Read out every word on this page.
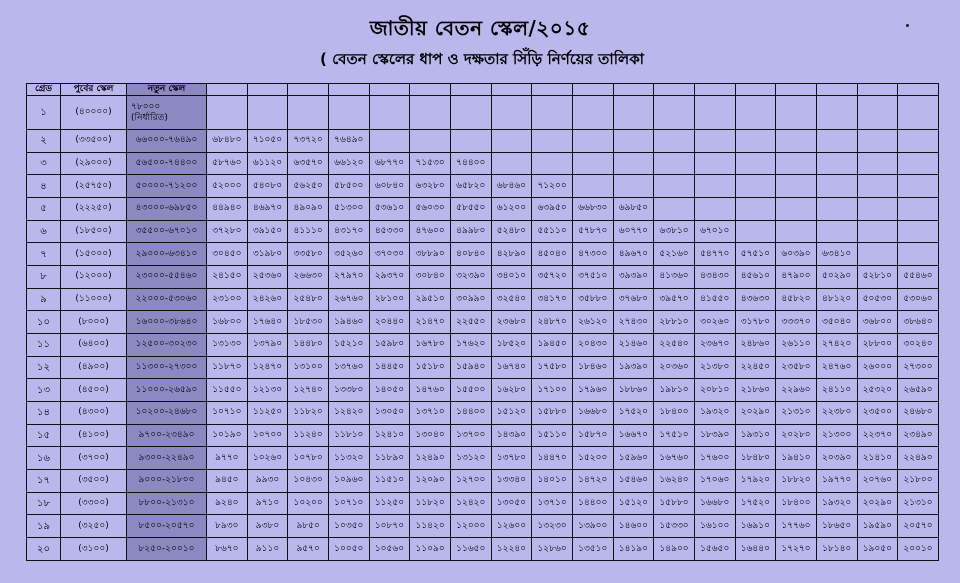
জাতীয় বেতন স্কেল/২০১৫
( বেতন স্কেলের ধাপ ও দক্ষতার সিঁড়ি নির্ণয়ের তালিকা
গ্রেড	পুর্বের স্কেল	নতুন স্কেল																		
১	(৪০০০০)	৭৮০০০
(নির্ধারিত)																		

২	(৩৩৫০০)	৬৬০০০-৭৬৪৯০	৬৮৪৮০	৭১০৫০	৭৩৭২০	৭৬৪৯০														
৩	(২৯০০০)	৫৬৫০০-৭৪৪০০	৫৮৭৬০	৬১১২০	৬৩৫৭০	৬৬১২০	৬৮৭৭০	৭১৫৩০	৭৪৪০০											
৪	(২৫৭৫০)	৫০০০০-৭১২০০	৫২০০০	৫৪০৮০	৫৬২৫০	৫৮৫০০	৬০৮৪০	৬৩২৮০	৬৫৮২০	৬৮৪৬০	৭১২০০									
৫	(২২২৫০)	৪৩০০০-৬৯৮৫০	৪৪৯৪০	৪৬৯৭০	৪৯০৯০	৫১৩০০	৫৩৬১০	৫৬০৩০	৫৮৫৫০	৬১২০০	৬৩৯৫০	৬৬৮৩০	৬৯৮৫০							
৬	(১৮৫০০)	৩৫৫০০-৬৭০১০	৩৭২৮০	৩৯১৫০	৪১১১০	৪৩১৭০	৪৫৩৩০	৪৭৬০০	৪৯৯৮০	৫২৪৮০	৫৫১১০	৫৭৮৭০	৬০৭৭০	৬৩৮১০	৬৭০১০					
৭	(১৫০০০)	২৯০০০-৬৩৪১০	৩০৪৫০	৩১৯৮০	৩৩৫৮০	৩৫২৬০	৩৭০৩০	৩৮৮৯০	৪০৮৪০	৪২৮৯০	৪৫০৪০	৪৭৩০০	৪৯৬৭০	৫২১৬০	৫৪৭৭০	৫৭৫১০	৬০৩৯০	৬৩৪১০		
৮	(১২০০০)	২৩০০০-৫৫৪৬০	২৪১৫০	২৫৩৬০	২৬৬৩০	২৭৯৭০	২৯৩৭০	৩০৮৪০	৩২৩৯০	৩৪০১০	৩৫৭২০	৩৭৫১০	৩৯৩৯০	৪১৩৬০	৪৩৪৩০	৪৫৬১০	৪৭৯০০	৫০২৯০	৫২৮১০	৫৫৪৬০
৯	(১১০০০)	২২০০০-৫৩০৬০	২৩১০০	২৪২৬০	২৫৪৮০	২৬৭৬০	২৮১০০	২৯৫১০	৩০৯৯০	৩২৫৪০	৩৪১৭০	৩৫৮৮০	৩৭৬৮০	৩৯৫৭০	৪১৫৫০	৪৩৬৩০	৪৫৮২০	৪৮১২০	৫০৫৩০	৫৩০৬০
১০	(৮০০০)	১৬০০০-৩৮৬৪০	১৬৮০০	১৭৬৪০	১৮৫৩০	১৯৪৬০	২০৪৪০	২১৪৭০	২২৫৫০	২৩৬৮০	২৪৮৭০	২৬১২০	২৭৪৩০	২৮৮১০	৩০২৬০	৩১৭৮০	৩৩৩৭০	৩৫০৪০	৩৬৮০০	৩৮৬৪০
১১	(৬৪০০)	১২৫০০-৩০২৩০	১৩১৩০	১৩৭৯০	১৪৪৮০	১৫২১০	১৫৯৮০	১৬৭৮০	১৭৬২০	১৮৫২০	১৯৪৫০	২০৪৩০	২১৪৬০	২২৫৪০	২৩৬৭০	২৪৮৬০	২৬১১০	২৭৪২০	২৮৮০০	৩০২৪০
১২	(৪৯০০)	১১৩০০-২৭৩০০	১১৮৭০	১২৪৭০	১৩১০০	১৩৭৬০	১৪৪৫০	১৫১৮০	১৫৯৪০	১৬৭৪০	১৭৫৮০	১৮৪৬০	১৯৩৯০	২০৩৬০	২১৩৮০	২২৪৫০	২৩৫৮০	২৪৭৬০	২৬০০০	২৭৩০০
১৩	(৪৫০০)	১১০০০-২৬৫৯০	১১৫৫০	১২১৩০	১২৭৪০	১৩৩৮০	১৪০৫০	১৪৭৬০	১৫৫০০	১৬২৮০	১৭১০০	১৭৯৬০	১৮৮৬০	১৯৮১০	২০৮১০	২১৮৬০	২২৯৬০	২৪১১০	২৫৩২০	২৬৫৯০
১৪	(৪৩০০)	১০২০০-২৪৬৮০	১০৭১০	১১২৫০	১১৮২০	১২৪২০	১৩০৫০	১৩৭১০	১৪৪০০	১৫১২০	১৫৮৮০	১৬৬৮০	১৭৫২০	১৮৪০০	১৯৩২০	২০২৯০	২১৩১০	২২৩৮০	২৩৫০০	২৪৬৮০
১৫	(৪১০০)	৯৭০০-২৩৪৯০	১০১৯০	১০৭০০	১১২৪০	১১৮১০	১২৪১০	১৩০৪০	১৩৭০০	১৪৩৯০	১৫১১০	১৫৮৭০	১৬৬৭০	১৭৫১০	১৮৩৯০	১৯৩১০	২০২৮০	২১৩০০	২২৩৭০	২৩৪৯০
১৬	(৩৭০০)	৯৩০০-২২৪৯০	৯৭৭০	১০২৬০	১০৭৮০	১১৩২০	১১৮৯০	১২৪৯০	১৩১২০	১৩৭৮০	১৪৪৭০	১৫২০০	১৫৯৬০	১৬৭৬০	১৭৬০০	১৮৪৮০	১৯৪১০	২০৩৯০	২১৪১০	২২৪৯০
১৭	(৩৫০০)	৯০০০-২১৮০০	৯৪৫০	৯৯৩০	১০৪৩০	১০৯৬০	১১৫১০	১২০৯০	১২৭০০	১৩৩৪০	১৪০১০	১৪৭২০	১৫৪৬০	১৬২৪০	১৭০৬০	১৭৯২০	১৮৮২০	১৯৭৭০	২০৭৬০	২১৮০০
১৮	(৩৩০০)	৮৮০০-২১৩১০	৯২৪০	৯৭১০	১০২০০	১০৭১০	১১২৫০	১১৮২০	১২৪২০	১৩০৫০	১৩৭১০	১৪৪০০	১৫১২০	১৫৮৮০	১৬৬৮০	১৭৫২০	১৮৪০০	১৯৩২০	২০২৯০	২১৩১০
১৯	(৩২৫০)	৮৫০০-২০৫৭০	৮৯৩০	৯৩৮০	৯৮৫০	১০৩৫০	১০৮৭০	১১৪২০	১২০০০	১২৬০০	১৩২৩০	১৩৯০০	১৪৬০০	১৫৩৩০	১৬১০০	১৬৯১০	১৭৭৬০	১৮৬৫০	১৯৫৯০	২০৫৭০
২০	(৩১০০)	৮২৫০-২০০১০	৮৬৭০	৯১১০	৯৫৭০	১০০৫০	১০৫৬০	১১০৯০	১১৬৫০	১২২৪০	১২৮৬০	১৩৫১০	১৪১৯০	১৪৯০০	১৫৬৫০	১৬৪৪০	১৭২৭০	১৮১৪০	১৯০৫০	২০০১০
